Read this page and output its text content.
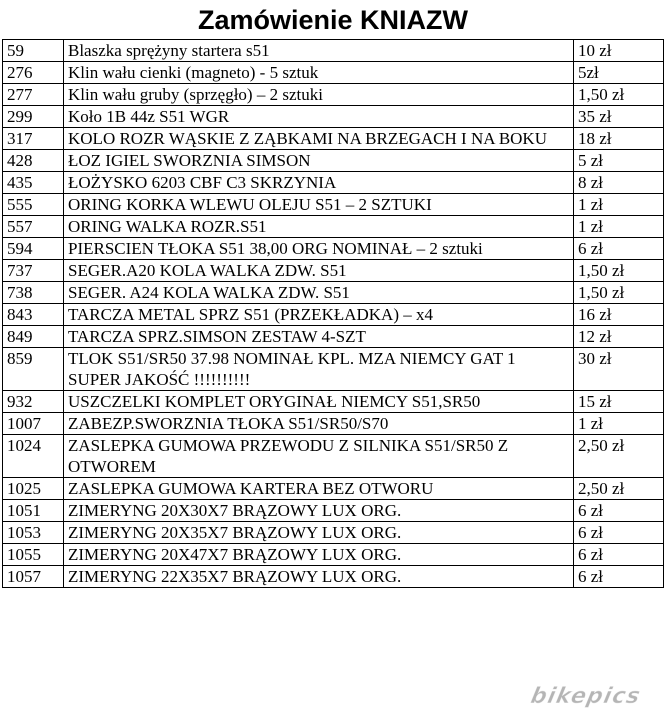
Zamówienie KNIAZW
59	Blaszka sprężyny startera s51	10 zł
276	Klin wału cienki (magneto) - 5 sztuk	5zł
277	Klin wału gruby (sprzęgło) – 2 sztuki	1,50 zł
299	Koło 1B 44z S51 WGR	35 zł
317	KOLO ROZR WĄSKIE Z ZĄBKAMI NA BRZEGACH I NA BOKU	18 zł
428	ŁOZ IGIEL SWORZNIA SIMSON	5 zł
435	ŁOŻYSKO 6203 CBF C3 SKRZYNIA	8 zł
555	ORING KORKA WLEWU OLEJU S51 – 2 SZTUKI	1 zł
557	ORING WALKA ROZR.S51	1 zł
594	PIERSCIEN TŁOKA S51 38,00 ORG NOMINAŁ – 2 sztuki	6 zł
737	SEGER.A20 KOLA WALKA ZDW. S51	1,50 zł
738	SEGER. A24 KOLA WALKA ZDW. S51	1,50 zł
843	TARCZA METAL SPRZ S51 (PRZEKŁADKA) – x4	16 zł
849	TARCZA SPRZ.SIMSON ZESTAW 4-SZT	12 zł
859	TLOK S51/SR50 37.98 NOMINAŁ KPL. MZA NIEMCY GAT 1 SUPER JAKOŚĆ !!!!!!!!!!	30 zł
932	USZCZELKI KOMPLET ORYGINAŁ NIEMCY S51,SR50	15 zł
1007	ZABEZP.SWORZNIA TŁOKA S51/SR50/S70	1 zł
1024	ZASLEPKA GUMOWA PRZEWODU Z SILNIKA S51/SR50 Z OTWOREM	2,50 zł
1025	ZASLEPKA GUMOWA KARTERA BEZ OTWORU	2,50 zł
1051	ZIMERYNG 20X30X7 BRĄZOWY LUX ORG.	6 zł
1053	ZIMERYNG 20X35X7 BRĄZOWY LUX ORG.	6 zł
1055	ZIMERYNG 20X47X7 BRĄZOWY LUX ORG.	6 zł
1057	ZIMERYNG 22X35X7 BRĄZOWY LUX ORG.	6 zł
bikepics
